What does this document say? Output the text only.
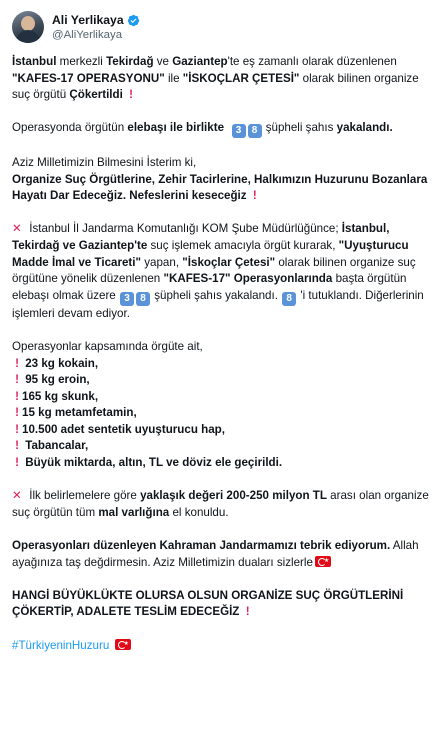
Ali Yerlikaya
@AliYerlikaya

İstanbul merkezli Tekirdağ ve Gaziantep'te eş zamanlı olarak düzenlenen "KAFES-17 OPERASYONU" ile "İSKOÇLAR ÇETESİ" olarak bilinen organize suç örgütü Çökertildi !

Operasyonda örgütün elebaşı ile birlikte 3 8 şüpheli şahıs yakalandı.

Aziz Milletimizin Bilmesini İsterim ki,
Organize Suç Örgütlerine, Zehir Tacirlerine, Halkımızın Huzurunu Bozanlara Hayatı Dar Edeceğiz. Nefeslerini keseceğiz !

✕ İstanbul İl Jandarma Komutanlığı KOM Şube Müdürlüğünce; İstanbul, Tekirdağ ve Gaziantep'te suç işlemek amacıyla örgüt kurarak, "Uyuşturucu Madde İmal ve Ticareti" yapan, "İskoçlar Çetesi" olarak bilinen organize suç örgütüne yönelik düzenlenen "KAFES-17" Operasyonlarında başta örgütün elebaşı olmak üzere 3 8 şüpheli şahıs yakalandı. 8 'i tutuklandı. Diğerlerinin işlemleri devam ediyor.

Operasyonlar kapsamında örgüte ait,
! 23 kg kokain,
! 95 kg eroin,
! 165 kg skunk,
! 15 kg metamfetamin,
! 10.500 adet sentetik uyuşturucu hap,
! Tabancalar,
! Büyük miktarda, altın, TL ve döviz ele geçirildi.

✕ İlk belirlemelere göre yaklaşık değeri 200-250 milyon TL arası olan organize suç örgütün tüm mal varlığına el konuldu.

Operasyonları düzenleyen Kahraman Jandarmamızı tebrik ediyorum. Allah ayağınıza taş değdirmesin. Aziz Milletimizin duaları sizlerle★

HANGİ BÜYÜKLÜKTE OLURSA OLSUN ORGANİZE SUÇ ÖRGÜTLERİNİ ÇÖKERTİP, ADALETE TESLİM EDECEĞİZ !

#TürkiyeninHuzuru ★
